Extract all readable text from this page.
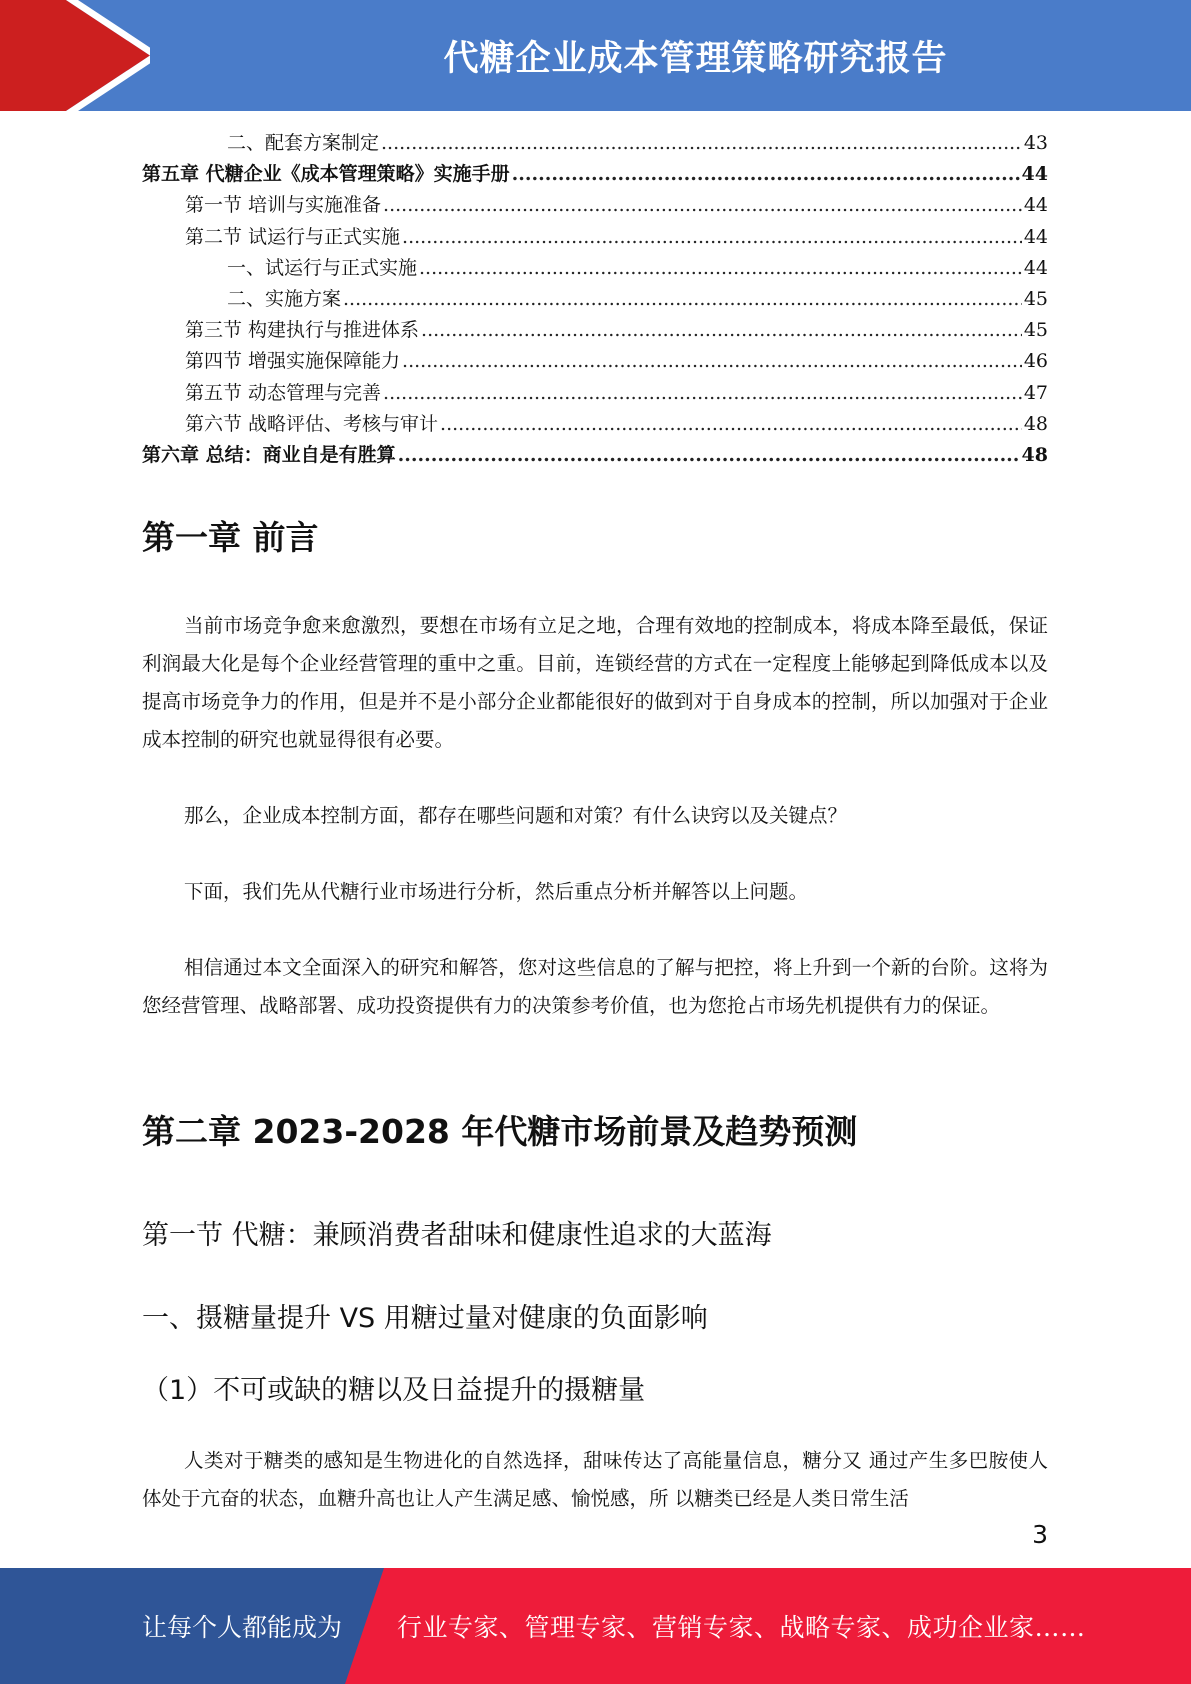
代糖企业成本管理策略研究报告
二、配套方案制定 .....	43
第五章 代糖企业《成本管理策略》实施手册 .....	44
第一节 培训与实施准备 .....	44
第二节 试运行与正式实施 .....	44
一、试运行与正式实施 .....	44
二、实施方案 .....	45
第三节 构建执行与推进体系 .....	45
第四节 增强实施保障能力 .....	46
第五节 动态管理与完善 .....	47
第六节 战略评估、考核与审计 .....	48
第六章 总结：商业自是有胜算 .....	48
第一章 前言
当前市场竞争愈来愈激烈，要想在市场有立足之地，合理有效地的控制成本，将成本降至最低，保证利润最大化是每个企业经营管理的重中之重。目前，连锁经营的方式在一定程度上能够起到降低成本以及提高市场竞争力的作用，但是并不是小部分企业都能很好的做到对于自身成本的控制，所以加强对于企业成本控制的研究也就显得很有必要。
那么，企业成本控制方面，都存在哪些问题和对策？有什么诀窍以及关键点？
下面，我们先从代糖行业市场进行分析，然后重点分析并解答以上问题。
相信通过本文全面深入的研究和解答，您对这些信息的了解与把控，将上升到一个新的台阶。这将为您经营管理、战略部署、成功投资提供有力的决策参考价值，也为您抢占市场先机提供有力的保证。
第二章 2023-2028 年代糖市场前景及趋势预测
第一节 代糖：兼顾消费者甜味和健康性追求的大蓝海
一、摄糖量提升 VS 用糖过量对健康的负面影响
（1）不可或缺的糖以及日益提升的摄糖量
人类对于糖类的感知是生物进化的自然选择，甜味传达了高能量信息，糖分又 通过产生多巴胺使人体处于亢奋的状态，血糖升高也让人产生满足感、愉悦感，所 以糖类已经是人类日常生活
3
让每个人都能成为 行业专家、管理专家、营销专家、战略专家、成功企业家……
